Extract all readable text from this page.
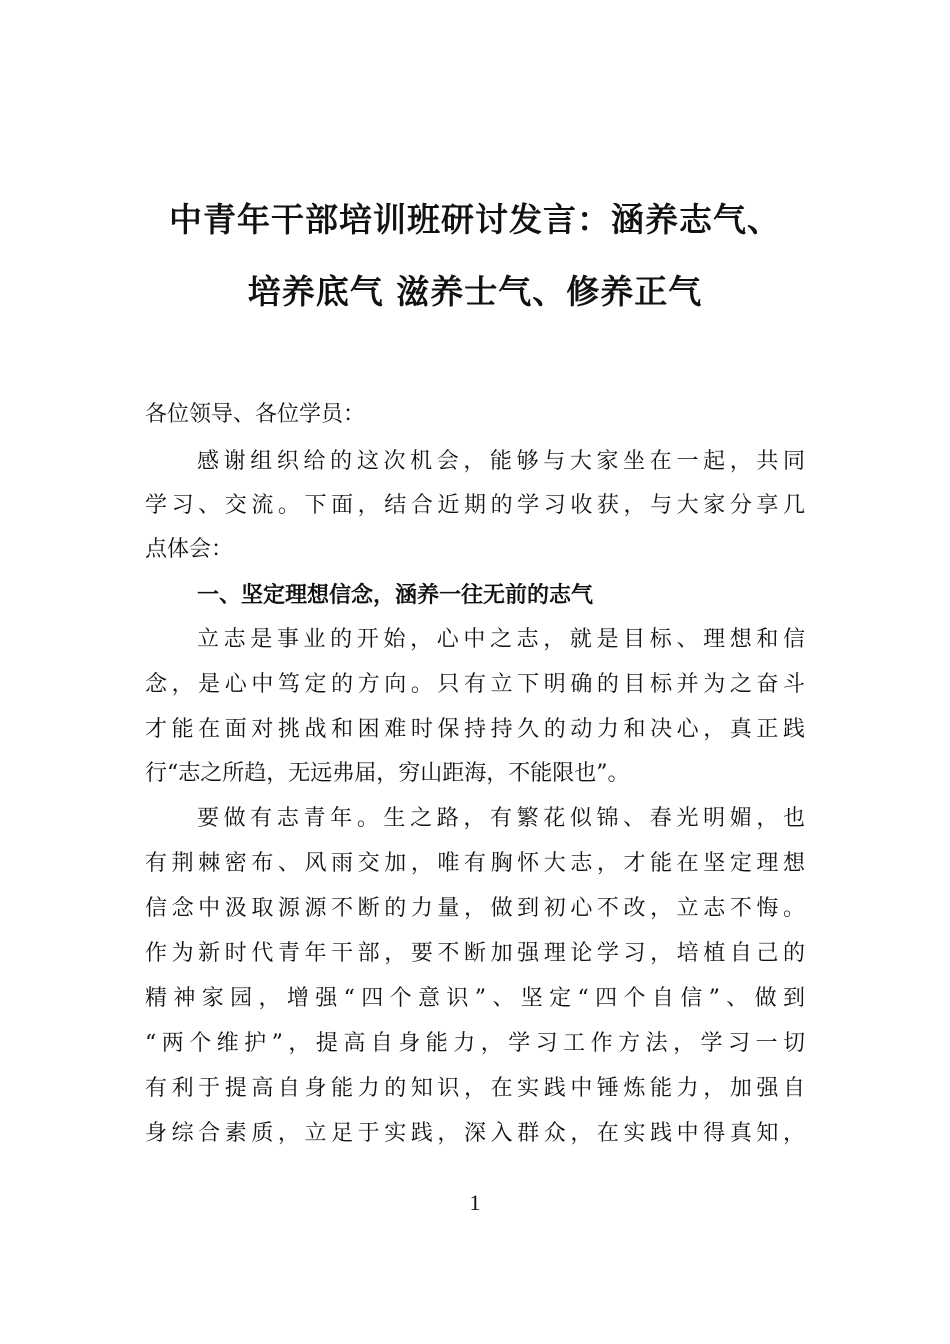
中青年干部培训班研讨发言：涵养志气、
培养底气 滋养士气、修养正气
各位领导、各位学员：
感谢组织给的这次机会，能够与大家坐在一起，共同
学习、交流。下面，结合近期的学习收获，与大家分享几
点体会：
一、坚定理想信念，涵养一往无前的志气
立志是事业的开始，心中之志，就是目标、理想和信
念，是心中笃定的方向。只有立下明确的目标并为之奋斗
才能在面对挑战和困难时保持持久的动力和决心，真正践
行“志之所趋，无远弗届，穷山距海，不能限也”。
要做有志青年。生之路，有繁花似锦、春光明媚，也
有荆棘密布、风雨交加，唯有胸怀大志，才能在坚定理想
信念中汲取源源不断的力量，做到初心不改，立志不悔。
作为新时代青年干部，要不断加强理论学习，培植自己的
精神家园，增强“四个意识”、坚定“四个自信”、做到
“两个维护”，提高自身能力，学习工作方法，学习一切
有利于提高自身能力的知识，在实践中锤炼能力，加强自
身综合素质，立足于实践，深入群众，在实践中得真知，
1
